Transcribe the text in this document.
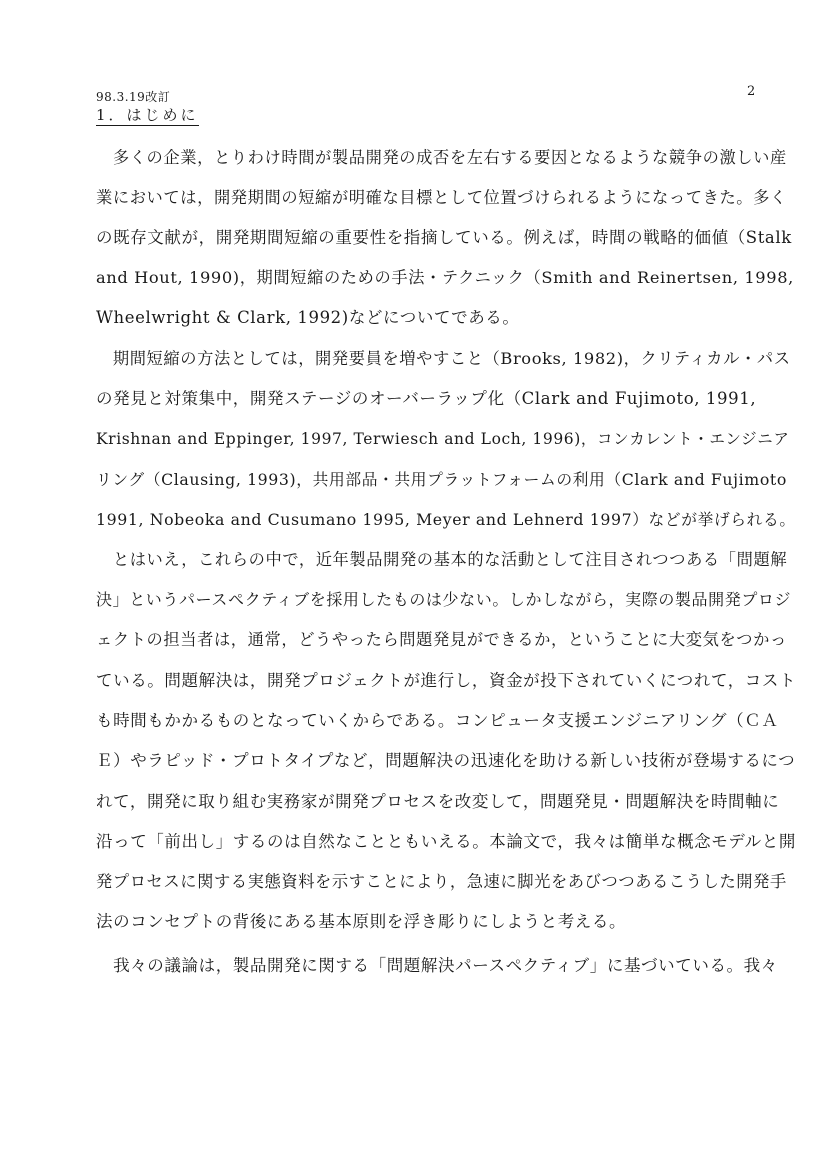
98.3.19改訂	2
1．はじめに
　多くの企業，とりわけ時間が製品開発の成否を左右する要因となるような競争の激しい産
業においては，開発期間の短縮が明確な目標として位置づけられるようになってきた。多く
の既存文献が，開発期間短縮の重要性を指摘している。例えば，時間の戦略的価値（Stalk
and Hout, 1990)，期間短縮のための手法・テクニック（Smith and Reinertsen, 1998,
Wheelwright & Clark, 1992)などについてである。
　期間短縮の方法としては，開発要員を増やすこと（Brooks, 1982)，クリティカル・パス
の発見と対策集中，開発ステージのオーバーラップ化（Clark and Fujimoto, 1991,
Krishnan and Eppinger, 1997, Terwiesch and Loch, 1996)，コンカレント・エンジニア
リング（Clausing, 1993)，共用部品・共用プラットフォームの利用（Clark and Fujimoto
1991, Nobeoka and Cusumano 1995, Meyer and Lehnerd 1997）などが挙げられる。
　とはいえ，これらの中で，近年製品開発の基本的な活動として注目されつつある「問題解
決」というパースペクティブを採用したものは少ない。しかしながら，実際の製品開発プロジ
ェクトの担当者は，通常，どうやったら問題発見ができるか，ということに大変気をつかっ
ている。問題解決は，開発プロジェクトが進行し，資金が投下されていくにつれて，コスト
も時間もかかるものとなっていくからである。コンピュータ支援エンジニアリング（ＣＡ
Ｅ）やラピッド・プロトタイプなど，問題解決の迅速化を助ける新しい技術が登場するにつ
れて，開発に取り組む実務家が開発プロセスを改変して，問題発見・問題解決を時間軸に
沿って「前出し」するのは自然なことともいえる。本論文で，我々は簡単な概念モデルと開
発プロセスに関する実態資料を示すことにより，急速に脚光をあびつつあるこうした開発手
法のコンセプトの背後にある基本原則を浮き彫りにしようと考える。
　我々の議論は，製品開発に関する「問題解決パースペクティブ」に基づいている。我々
